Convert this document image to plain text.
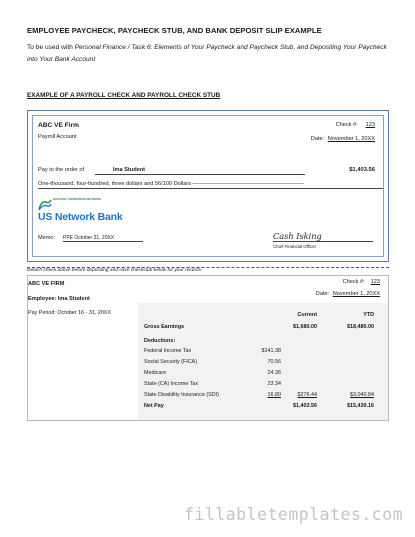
EMPLOYEE PAYCHECK, PAYCHECK STUB, AND BANK DEPOSIT SLIP EXAMPLE
To be used with Personal Finance / Task 6: Elements of Your Paycheck and Paycheck Stub, and Depositing Your Paycheck into Your Bank Account
EXAMPLE OF A PAYROLL CHECK AND PAYROLL CHECK STUB
ABC VE Firm
Payroll Account
Check #: 123
Date: November 1, 20XX
Pay to the order of	Ima Student	$1,403.56
One-thousand, four-hundred, three dollars and 56/100 Dollars ———————————————————---
NATIONAL ENTERPRISE NETWORK
US Network Bank
Memo: PPE October 31, 20XX	Cash Isking
Chief Financial Officer
Detach check above before depositing and save checkstub below for your records.
ABC VE FIRM	Check #: 123
Date: November 1, 20XX
Employee: Ima Student
Pay Period: October 16 - 31, 20XX	Current	YTD
Gross Earnings	$1,680.00	$18,480.00
Deductions:
Federal Income Tax	$141.38
Social Security (FICA)	70.56
Medicare	24.36
State (CA) Income Tax	23.34
State Disability Insurance (SDI)	16.80	$276.44	$3,040.84
Net Pay	$1,403.56	$15,439.16
fillabletemplates.com
